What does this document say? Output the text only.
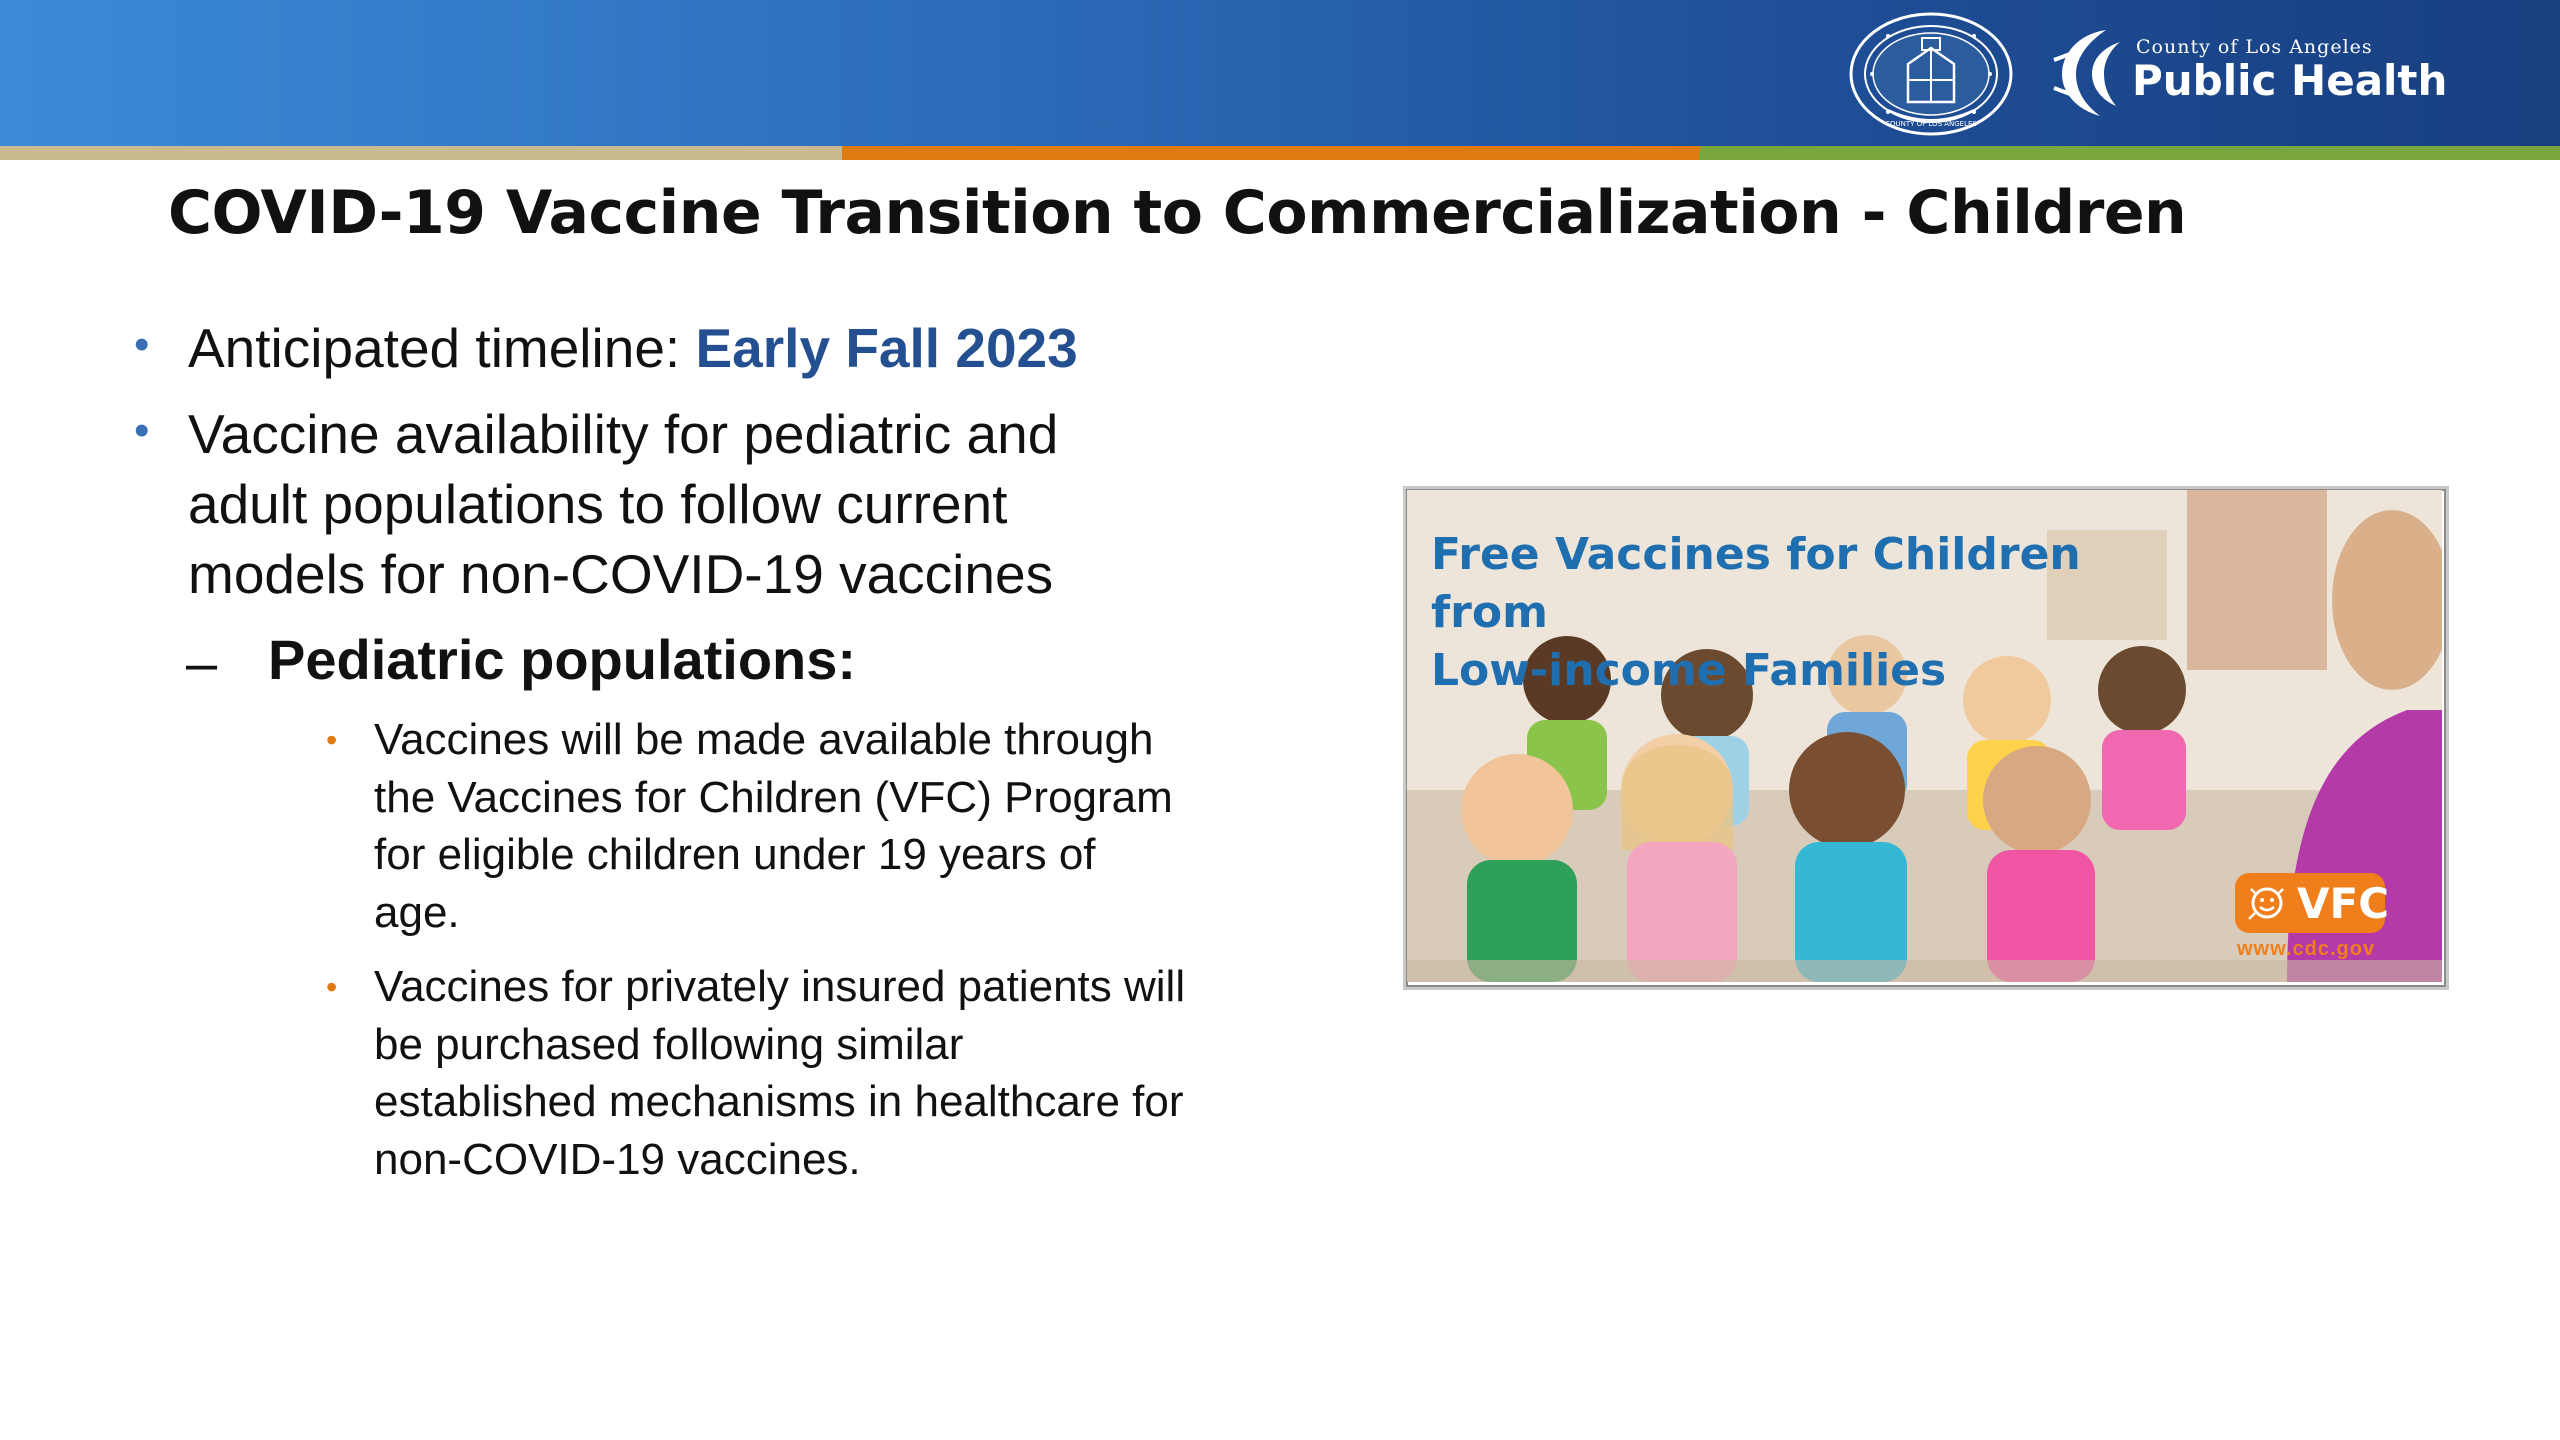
COUNTY OF LOS ANGELES
County of Los Angeles
Public Health
COVID-19 Vaccine Transition to Commercialization - Children
• Anticipated timeline: Early Fall 2023
• Vaccine availability for pediatric and
adult populations to follow current
models for non-COVID-19 vaccines
– Pediatric populations:
• Vaccines will be made available through
the Vaccines for Children (VFC) Program
for eligible children under 19 years of
age.
• Vaccines for privately insured patients will
be purchased following similar
established mechanisms in healthcare for
non-COVID-19 vaccines.
Free Vaccines for Children from
Low-income Families
VFC
www.cdc.gov
